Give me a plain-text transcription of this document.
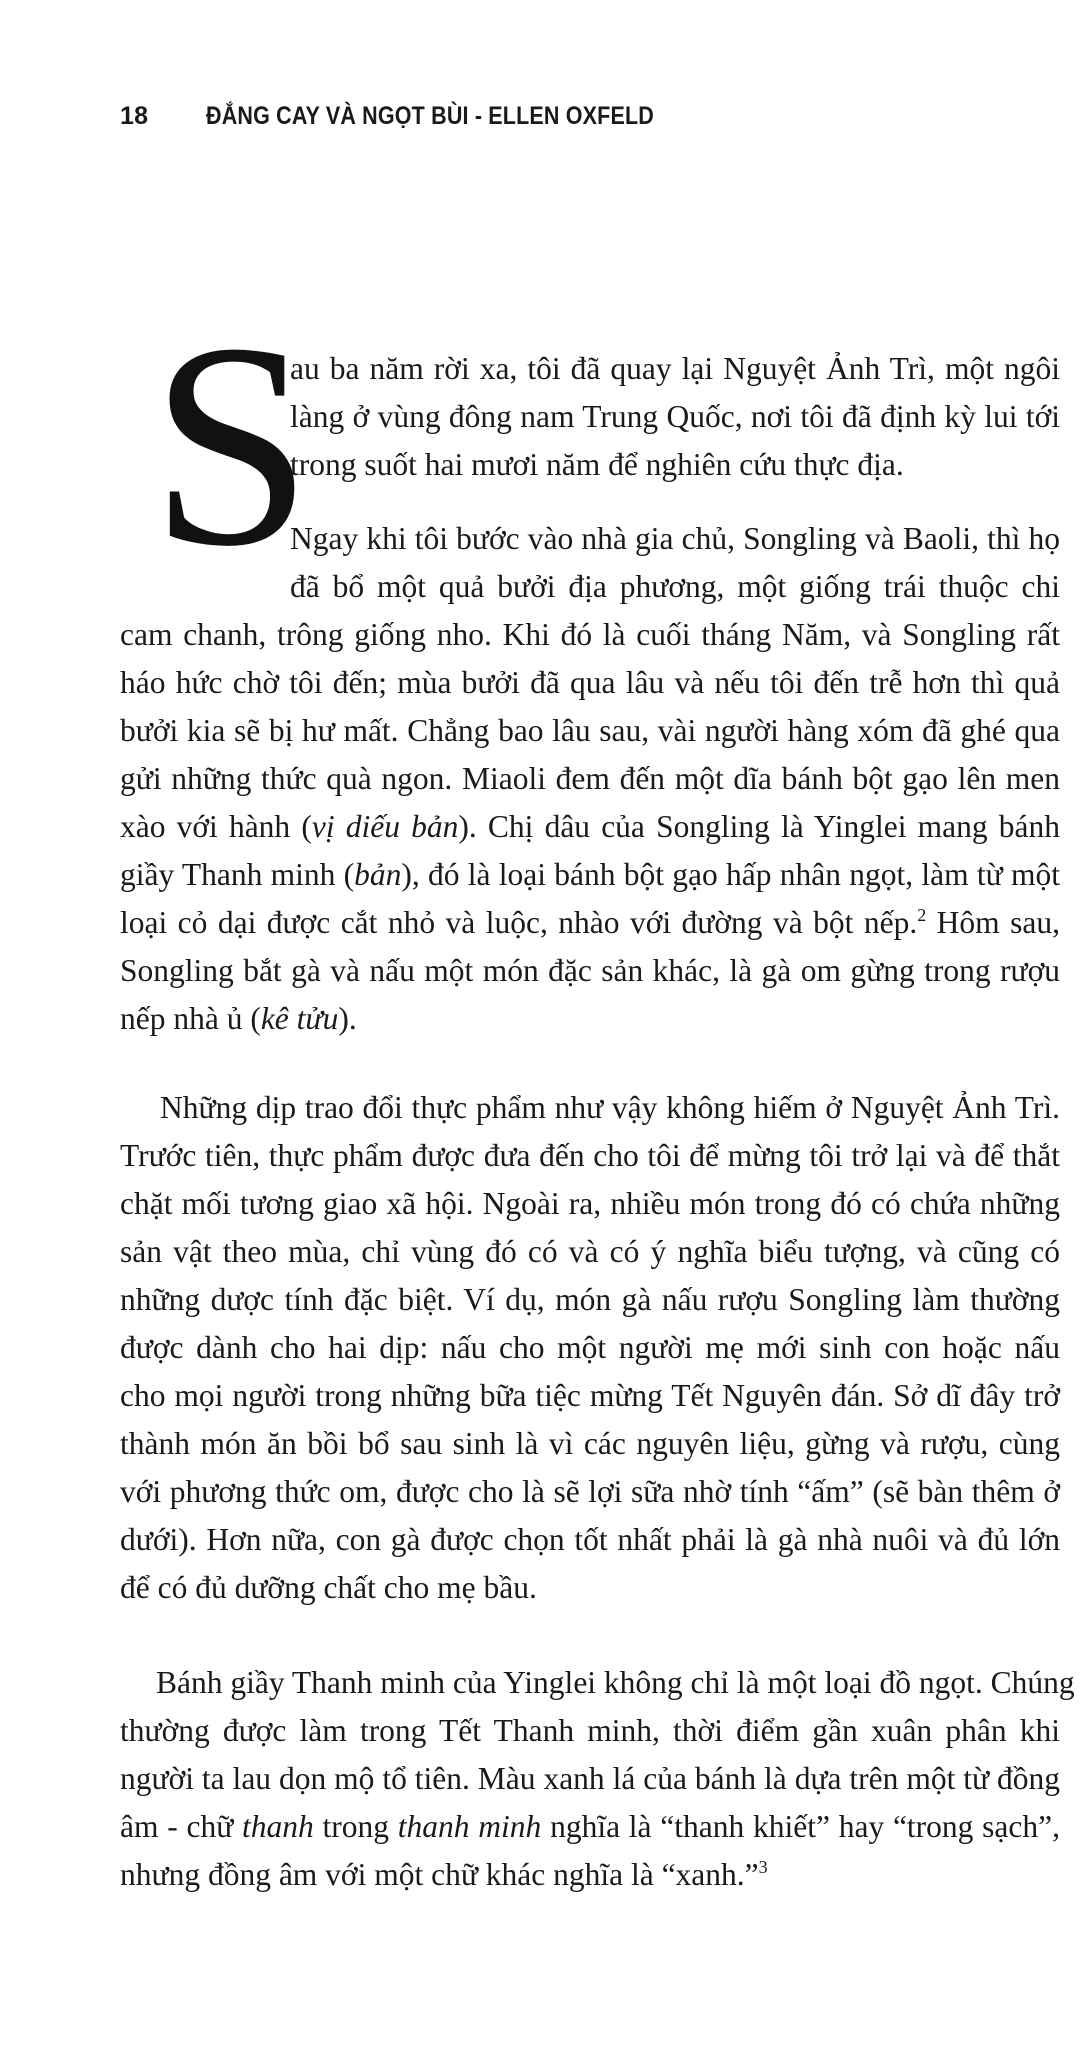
18 ĐẮNG CAY VÀ NGỌT BÙI - ELLEN OXFELD
S
au ba năm rời xa, tôi đã quay lại Nguyệt Ảnh Trì, một ngôi
làng ở vùng đông nam Trung Quốc, nơi tôi đã định kỳ lui tới
trong suốt hai mươi năm để nghiên cứu thực địa.
Ngay khi tôi bước vào nhà gia chủ, Songling và Baoli, thì họ
đã bổ một quả bưởi địa phương, một giống trái thuộc chi
cam chanh, trông giống nho. Khi đó là cuối tháng Năm, và Songling rất
háo hức chờ tôi đến; mùa bưởi đã qua lâu và nếu tôi đến trễ hơn thì quả
bưởi kia sẽ bị hư mất. Chẳng bao lâu sau, vài người hàng xóm đã ghé qua
gửi những thức quà ngon. Miaoli đem đến một dĩa bánh bột gạo lên men
xào với hành (vị diếu bản). Chị dâu của Songling là Yinglei mang bánh
giầy Thanh minh (bản), đó là loại bánh bột gạo hấp nhân ngọt, làm từ một
loại cỏ dại được cắt nhỏ và luộc, nhào với đường và bột nếp.$^2$ Hôm sau,
Songling bắt gà và nấu một món đặc sản khác, là gà om gừng trong rượu
nếp nhà ủ (kê tửu).
Những dịp trao đổi thực phẩm như vậy không hiếm ở Nguyệt Ảnh Trì.
Trước tiên, thực phẩm được đưa đến cho tôi để mừng tôi trở lại và để thắt
chặt mối tương giao xã hội. Ngoài ra, nhiều món trong đó có chứa những
sản vật theo mùa, chỉ vùng đó có và có ý nghĩa biểu tượng, và cũng có
những dược tính đặc biệt. Ví dụ, món gà nấu rượu Songling làm thường
được dành cho hai dịp: nấu cho một người mẹ mới sinh con hoặc nấu
cho mọi người trong những bữa tiệc mừng Tết Nguyên đán. Sở dĩ đây trở
thành món ăn bồi bổ sau sinh là vì các nguyên liệu, gừng và rượu, cùng
với phương thức om, được cho là sẽ lợi sữa nhờ tính “ấm” (sẽ bàn thêm ở
dưới). Hơn nữa, con gà được chọn tốt nhất phải là gà nhà nuôi và đủ lớn
để có đủ dưỡng chất cho mẹ bầu.
Bánh giầy Thanh minh của Yinglei không chỉ là một loại đồ ngọt. Chúng
thường được làm trong Tết Thanh minh, thời điểm gần xuân phân khi
người ta lau dọn mộ tổ tiên. Màu xanh lá của bánh là dựa trên một từ đồng
âm - chữ thanh trong thanh minh nghĩa là “thanh khiết” hay “trong sạch”,
nhưng đồng âm với một chữ khác nghĩa là “xanh.”$^3$
